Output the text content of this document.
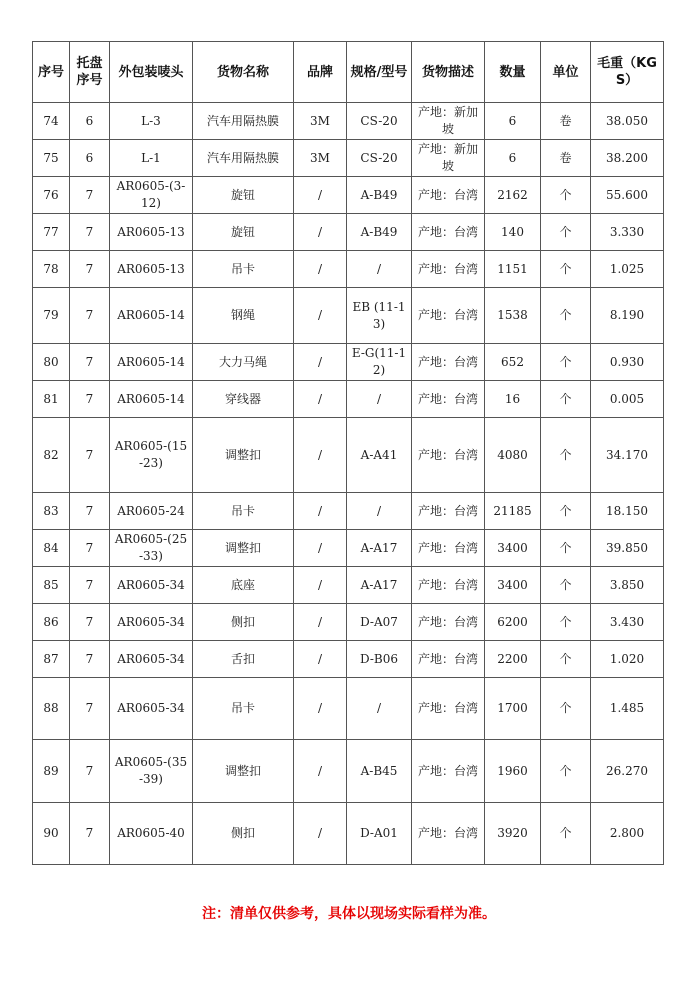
序号	托盘序号	外包装唛头	货物名称	品牌	规格/型号	货物描述	数量	单位	毛重（KGS）
74	6	L-3	汽车用隔热膜	3M	CS-20	产地：新加坡	6	卷	38.050
75	6	L-1	汽车用隔热膜	3M	CS-20	产地：新加坡	6	卷	38.200
76	7	AR0605-(3-12)	旋钮	/	A-B49	产地：台湾	2162	个	55.600
77	7	AR0605-13	旋钮	/	A-B49	产地：台湾	140	个	3.330
78	7	AR0605-13	吊卡	/	/	产地：台湾	1151	个	1.025
79	7	AR0605-14	钢绳	/	EB (11-13)	产地：台湾	1538	个	8.190
80	7	AR0605-14	大力马绳	/	E-G(11-12)	产地：台湾	652	个	0.930
81	7	AR0605-14	穿线器	/	/	产地：台湾	16	个	0.005
82	7	AR0605-(15-23)	调整扣	/	A-A41	产地：台湾	4080	个	34.170
83	7	AR0605-24	吊卡	/	/	产地：台湾	21185	个	18.150
84	7	AR0605-(25-33)	调整扣	/	A-A17	产地：台湾	3400	个	39.850
85	7	AR0605-34	底座	/	A-A17	产地：台湾	3400	个	3.850
86	7	AR0605-34	侧扣	/	D-A07	产地：台湾	6200	个	3.430
87	7	AR0605-34	舌扣	/	D-B06	产地：台湾	2200	个	1.020
88	7	AR0605-34	吊卡	/	/	产地：台湾	1700	个	1.485
89	7	AR0605-(35-39)	调整扣	/	A-B45	产地：台湾	1960	个	26.270
90	7	AR0605-40	侧扣	/	D-A01	产地：台湾	3920	个	2.800
注：清单仅供参考，具体以现场实际看样为准。
